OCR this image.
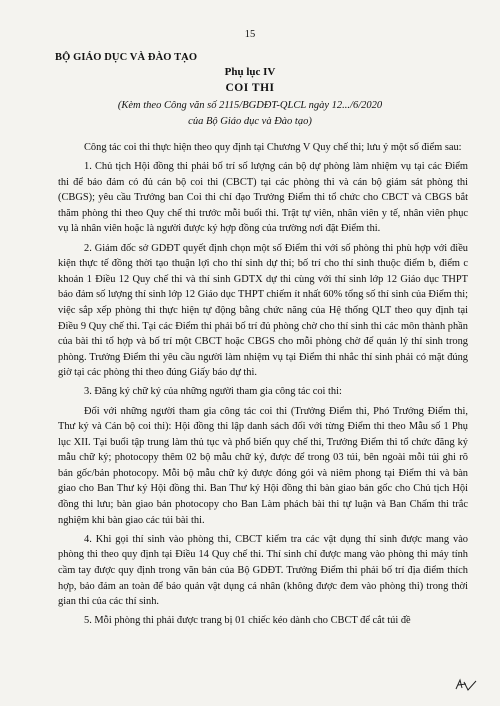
15
BỘ GIÁO DỤC VÀ ĐÀO TẠO
Phụ lục IV
COI THI
(Kèm theo Công văn số 2115/BGDĐT-QLCL ngày 12.../6/2020
của Bộ Giáo dục và Đào tạo)

Công tác coi thi thực hiện theo quy định tại Chương V Quy chế thi; lưu ý một số điểm sau:

1. Chủ tịch Hội đồng thi phải bố trí số lượng cán bộ dự phòng làm nhiệm vụ tại các Điểm thi để bảo đảm có đủ cán bộ coi thi (CBCT) tại các phòng thi và cán bộ giám sát phòng thi (CBGS); yêu cầu Trưởng ban Coi thi chỉ đạo Trưởng Điểm thi tổ chức cho CBCT và CBGS bắt thăm phòng thi theo Quy chế thi trước mỗi buổi thi. Trật tự viên, nhân viên y tế, nhân viên phục vụ là nhân viên hoặc là người được ký hợp đồng của trường nơi đặt Điểm thi.

2. Giám đốc sở GDĐT quyết định chọn một số Điểm thi với số phòng thi phù hợp với điều kiện thực tế đồng thời tạo thuận lợi cho thí sinh dự thi; bố trí cho thí sinh thuộc điểm b, điểm c khoản 1 Điều 12 Quy chế thi và thí sinh GDTX dự thi cùng với thí sinh lớp 12 Giáo dục THPT bảo đảm số lượng thí sinh lớp 12 Giáo dục THPT chiếm ít nhất 60% tổng số thí sinh của Điểm thi; việc sắp xếp phòng thi thực hiện tự động bằng chức năng của Hệ thống QLT theo quy định tại Điều 9 Quy chế thi. Tại các Điểm thi phải bố trí đủ phòng chờ cho thí sinh thi các môn thành phần của bài thi tổ hợp và bố trí một CBCT hoặc CBGS cho mỗi phòng chờ để quản lý thí sinh trong phòng. Trưởng Điểm thi yêu cầu người làm nhiệm vụ tại Điểm thi nhắc thí sinh phải có mặt đúng giờ tại các phòng thi theo đúng Giấy báo dự thi.

3. Đăng ký chữ ký của những người tham gia công tác coi thi:

Đối với những người tham gia công tác coi thi (Trưởng Điểm thi, Phó Trưởng Điểm thi, Thư ký và Cán bộ coi thi): Hội đồng thi lập danh sách đối với từng Điểm thi theo Mẫu số 1 Phụ lục XII. Tại buổi tập trung làm thủ tục và phổ biến quy chế thi, Trưởng Điểm thi tổ chức đăng ký mẫu chữ ký; photocopy thêm 02 bộ mẫu chữ ký, được để trong 03 túi, bên ngoài mỗi túi ghi rõ bản gốc/bản photocopy. Mỗi bộ mẫu chữ ký được đóng gói và niêm phong tại Điểm thi và bàn giao cho Ban Thư ký Hội đồng thi. Ban Thư ký Hội đồng thi bàn giao bản gốc cho Chủ tịch Hội đồng thi lưu; bàn giao bản photocopy cho Ban Làm phách bài thi tự luận và Ban Chấm thi trắc nghiệm khi bàn giao các túi bài thi.

4. Khi gọi thí sinh vào phòng thi, CBCT kiểm tra các vật dụng thí sinh được mang vào phòng thi theo quy định tại Điều 14 Quy chế thi. Thí sinh chỉ được mang vào phòng thi máy tính cầm tay được quy định trong văn bản của Bộ GDĐT. Trưởng Điểm thi phải bố trí địa điểm thích hợp, bảo đảm an toàn để bảo quản vật dụng cá nhân (không được đem vào phòng thi) trong thời gian thi của các thí sinh.

5. Mỗi phòng thi phải được trang bị 01 chiếc kéo dành cho CBCT để cắt túi đề
